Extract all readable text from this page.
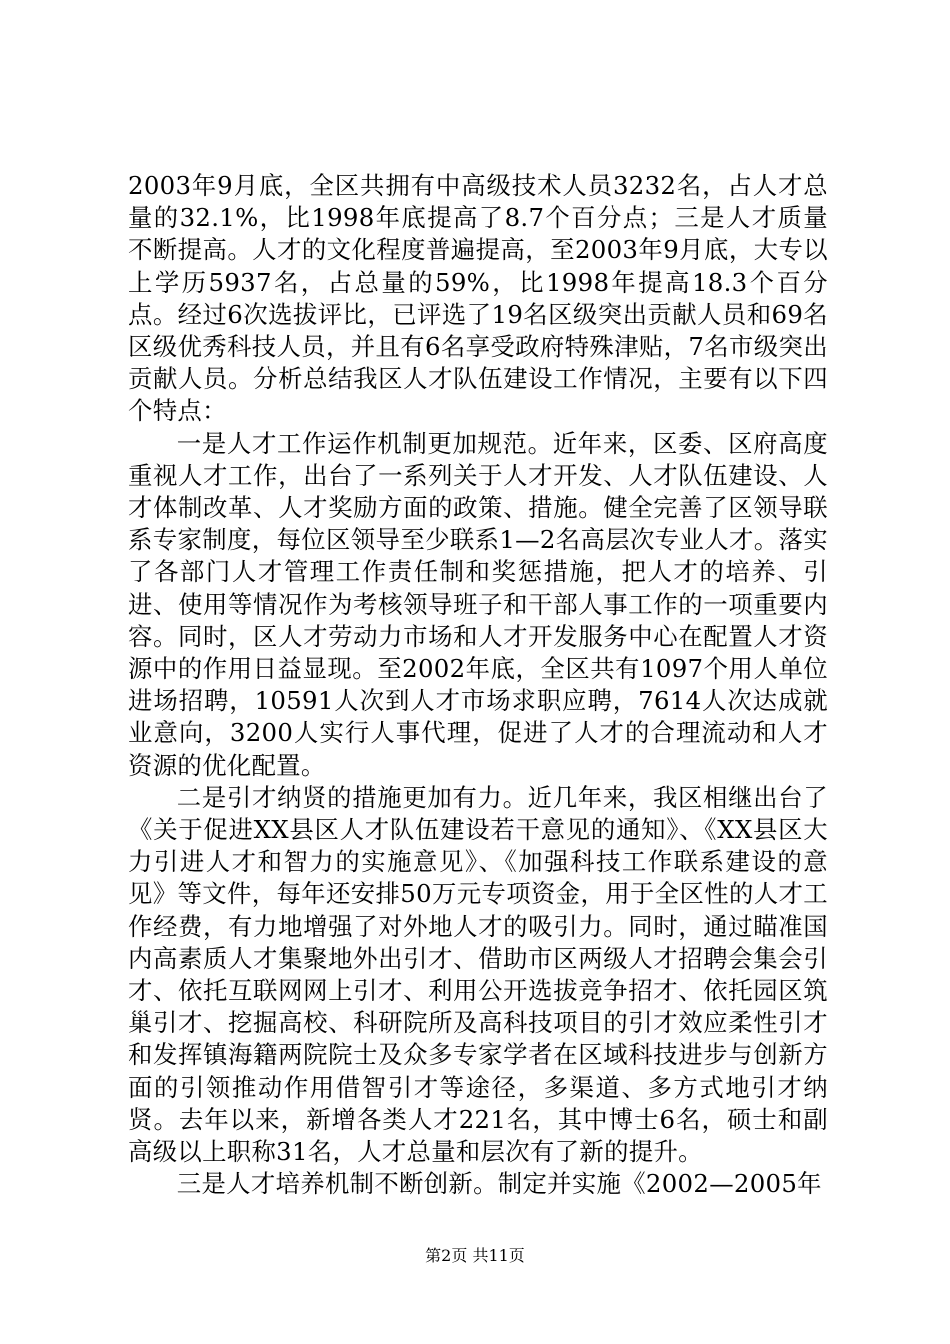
2003年9月底，全区共拥有中高级技术人员3232名，占人才总量的32.1%，比1998年底提高了8.7个百分点；三是人才质量不断提高。人才的文化程度普遍提高，至2003年9月底，大专以上学历5937名，占总量的59%，比1998年提高18.3个百分点。经过6次选拔评比，已评选了19名区级突出贡献人员和69名区级优秀科技人员，并且有6名享受政府特殊津贴，7名市级突出贡献人员。分析总结我区人才队伍建设工作情况，主要有以下四个特点：

一是人才工作运作机制更加规范。近年来，区委、区府高度重视人才工作，出台了一系列关于人才开发、人才队伍建设、人才体制改革、人才奖励方面的政策、措施。健全完善了区领导联系专家制度，每位区领导至少联系1—2名高层次专业人才。落实了各部门人才管理工作责任制和奖惩措施，把人才的培养、引进、使用等情况作为考核领导班子和干部人事工作的一项重要内容。同时，区人才劳动力市场和人才开发服务中心在配置人才资源中的作用日益显现。至2002年底，全区共有1097个用人单位进场招聘，10591人次到人才市场求职应聘，7614人次达成就业意向，3200人实行人事代理，促进了人才的合理流动和人才资源的优化配置。

二是引才纳贤的措施更加有力。近几年来，我区相继出台了《关于促进XX县区人才队伍建设若干意见的通知》、《XX县区大力引进人才和智力的实施意见》、《加强科技工作联系建设的意见》等文件，每年还安排50万元专项资金，用于全区性的人才工作经费，有力地增强了对外地人才的吸引力。同时，通过瞄准国内高素质人才集聚地外出引才、借助市区两级人才招聘会集会引才、依托互联网网上引才、利用公开选拔竞争招才、依托园区筑巢引才、挖掘高校、科研院所及高科技项目的引才效应柔性引才和发挥镇海籍两院院士及众多专家学者在区域科技进步与创新方面的引领推动作用借智引才等途径，多渠道、多方式地引才纳贤。去年以来，新增各类人才221名，其中博士6名，硕士和副高级以上职称31名，人才总量和层次有了新的提升。

三是人才培养机制不断创新。制定并实施《2002—2005年

第2页 共11页
